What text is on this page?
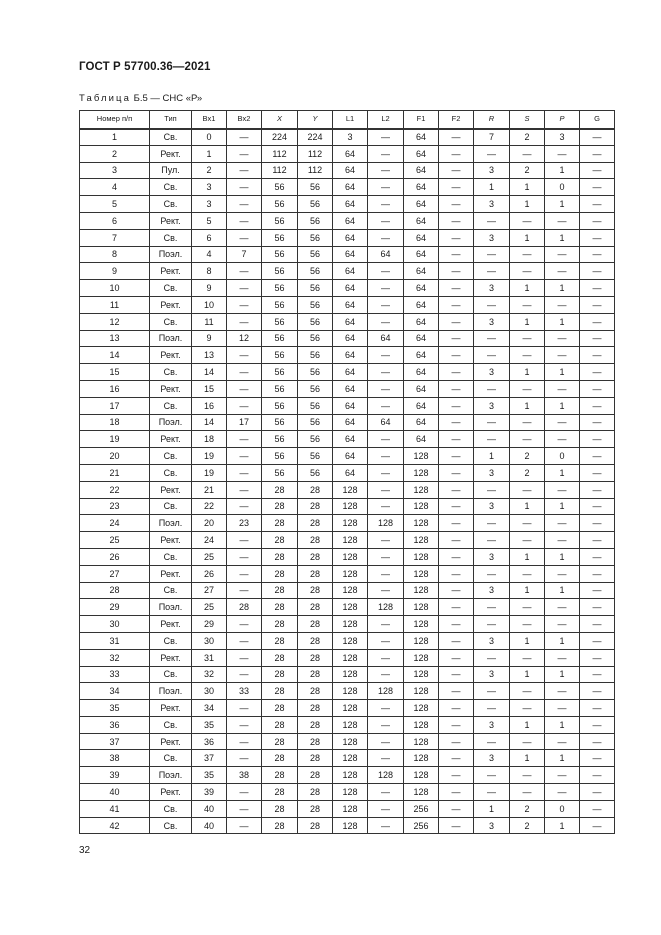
ГОСТ Р 57700.36—2021
Таблица Б.5 — СНС «Р»
Номер п/п	Тип	Bx1	Bx2	X	Y	L1	L2	F1	F2	R	S	P	G
1	Св.	0	—	224	224	3	—	64	—	7	2	3	—
2	Рект.	1	—	112	112	64	—	64	—	—	—	—	—
3	Пул.	2	—	112	112	64	—	64	—	3	2	1	—
4	Св.	3	—	56	56	64	—	64	—	1	1	0	—
5	Св.	3	—	56	56	64	—	64	—	3	1	1	—
6	Рект.	5	—	56	56	64	—	64	—	—	—	—	—
7	Св.	6	—	56	56	64	—	64	—	3	1	1	—
8	Поэл.	4	7	56	56	64	64	64	—	—	—	—	—
9	Рект.	8	—	56	56	64	—	64	—	—	—	—	—
10	Св.	9	—	56	56	64	—	64	—	3	1	1	—
11	Рект.	10	—	56	56	64	—	64	—	—	—	—	—
12	Св.	11	—	56	56	64	—	64	—	3	1	1	—
13	Поэл.	9	12	56	56	64	64	64	—	—	—	—	—
14	Рект.	13	—	56	56	64	—	64	—	—	—	—	—
15	Св.	14	—	56	56	64	—	64	—	3	1	1	—
16	Рект.	15	—	56	56	64	—	64	—	—	—	—	—
17	Св.	16	—	56	56	64	—	64	—	3	1	1	—
18	Поэл.	14	17	56	56	64	64	64	—	—	—	—	—
19	Рект.	18	—	56	56	64	—	64	—	—	—	—	—
20	Св.	19	—	56	56	64	—	128	—	1	2	0	—
21	Св.	19	—	56	56	64	—	128	—	3	2	1	—
22	Рект.	21	—	28	28	128	—	128	—	—	—	—	—
23	Св.	22	—	28	28	128	—	128	—	3	1	1	—
24	Поэл.	20	23	28	28	128	128	128	—	—	—	—	—
25	Рект.	24	—	28	28	128	—	128	—	—	—	—	—
26	Св.	25	—	28	28	128	—	128	—	3	1	1	—
27	Рект.	26	—	28	28	128	—	128	—	—	—	—	—
28	Св.	27	—	28	28	128	—	128	—	3	1	1	—
29	Поэл.	25	28	28	28	128	128	128	—	—	—	—	—
30	Рект.	29	—	28	28	128	—	128	—	—	—	—	—
31	Св.	30	—	28	28	128	—	128	—	3	1	1	—
32	Рект.	31	—	28	28	128	—	128	—	—	—	—	—
33	Св.	32	—	28	28	128	—	128	—	3	1	1	—
34	Поэл.	30	33	28	28	128	128	128	—	—	—	—	—
35	Рект.	34	—	28	28	128	—	128	—	—	—	—	—
36	Св.	35	—	28	28	128	—	128	—	3	1	1	—
37	Рект.	36	—	28	28	128	—	128	—	—	—	—	—
38	Св.	37	—	28	28	128	—	128	—	3	1	1	—
39	Поэл.	35	38	28	28	128	128	128	—	—	—	—	—
40	Рект.	39	—	28	28	128	—	128	—	—	—	—	—
41	Св.	40	—	28	28	128	—	256	—	1	2	0	—
42	Св.	40	—	28	28	128	—	256	—	3	2	1	—
32
